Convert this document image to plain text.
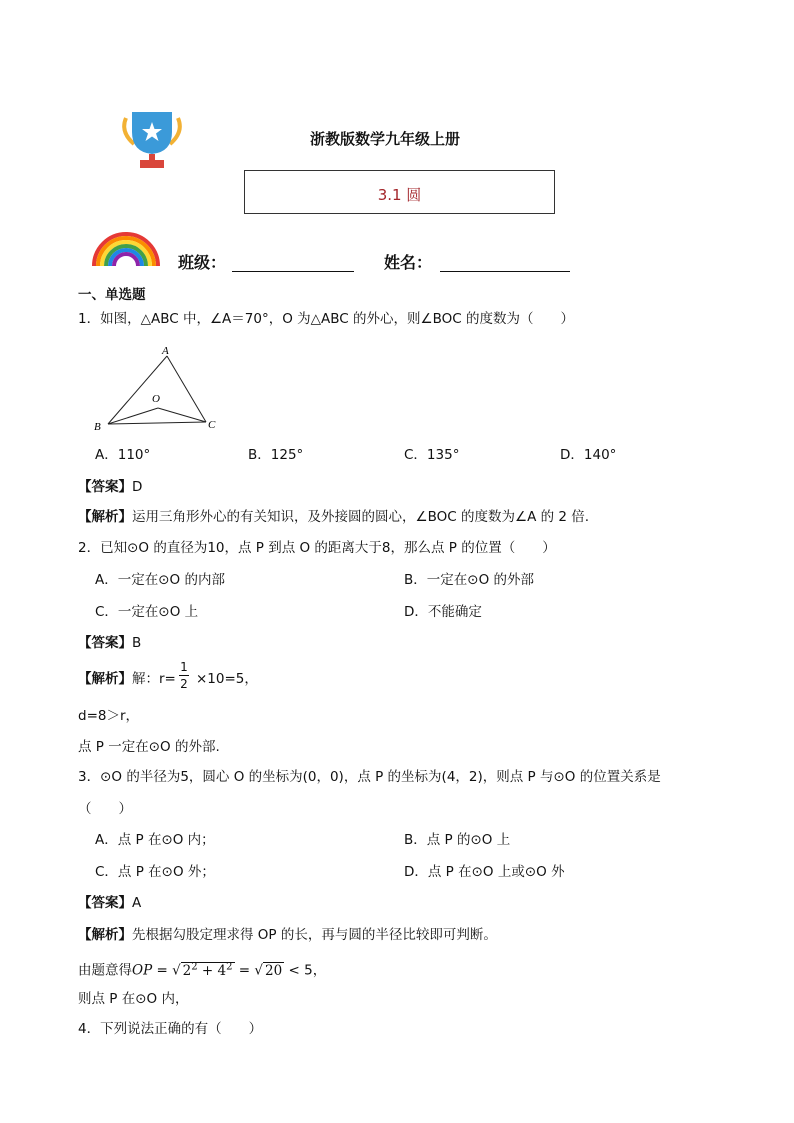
浙教版数学九年级上册
3.1 圆
班级：	姓名：
一、单选题
1．如图，△ABC 中，∠A＝70°，O 为△ABC 的外心，则∠BOC 的度数为（　　）
A
B	C
O
A．110°	B．125°	C．135°	D．140°
【答案】D
【解析】运用三角形外心的有关知识，及外接圆的圆心，∠BOC 的度数为∠A 的 2 倍.
2．已知⊙O 的直径为10，点 P 到点 O 的距离大于8，那么点 P 的位置（　　）
A．一定在⊙O 的内部	B．一定在⊙O 的外部
C．一定在⊙O 上	D．不能确定
【答案】B
【解析】解：r=
1
2 ×10=5，
d=8＞r，
点 P 一定在⊙O 的外部.
3．⊙O 的半径为5，圆心 O 的坐标为(0，0)，点 P 的坐标为(4，2)，则点 P 与⊙O 的位置关系是
（　　）
A．点 P 在⊙O 内；	B．点 P 的⊙O 上
C．点 P 在⊙O 外；	D．点 P 在⊙O 上或⊙O 外
【答案】A
【解析】先根据勾股定理求得 OP 的长，再与圆的半径比较即可判断。
由题意得OP = √ $2^2 + 4^2$ = √ 20 < 5，
则点 P 在⊙O 内，
4．下列说法正确的有（　　）
